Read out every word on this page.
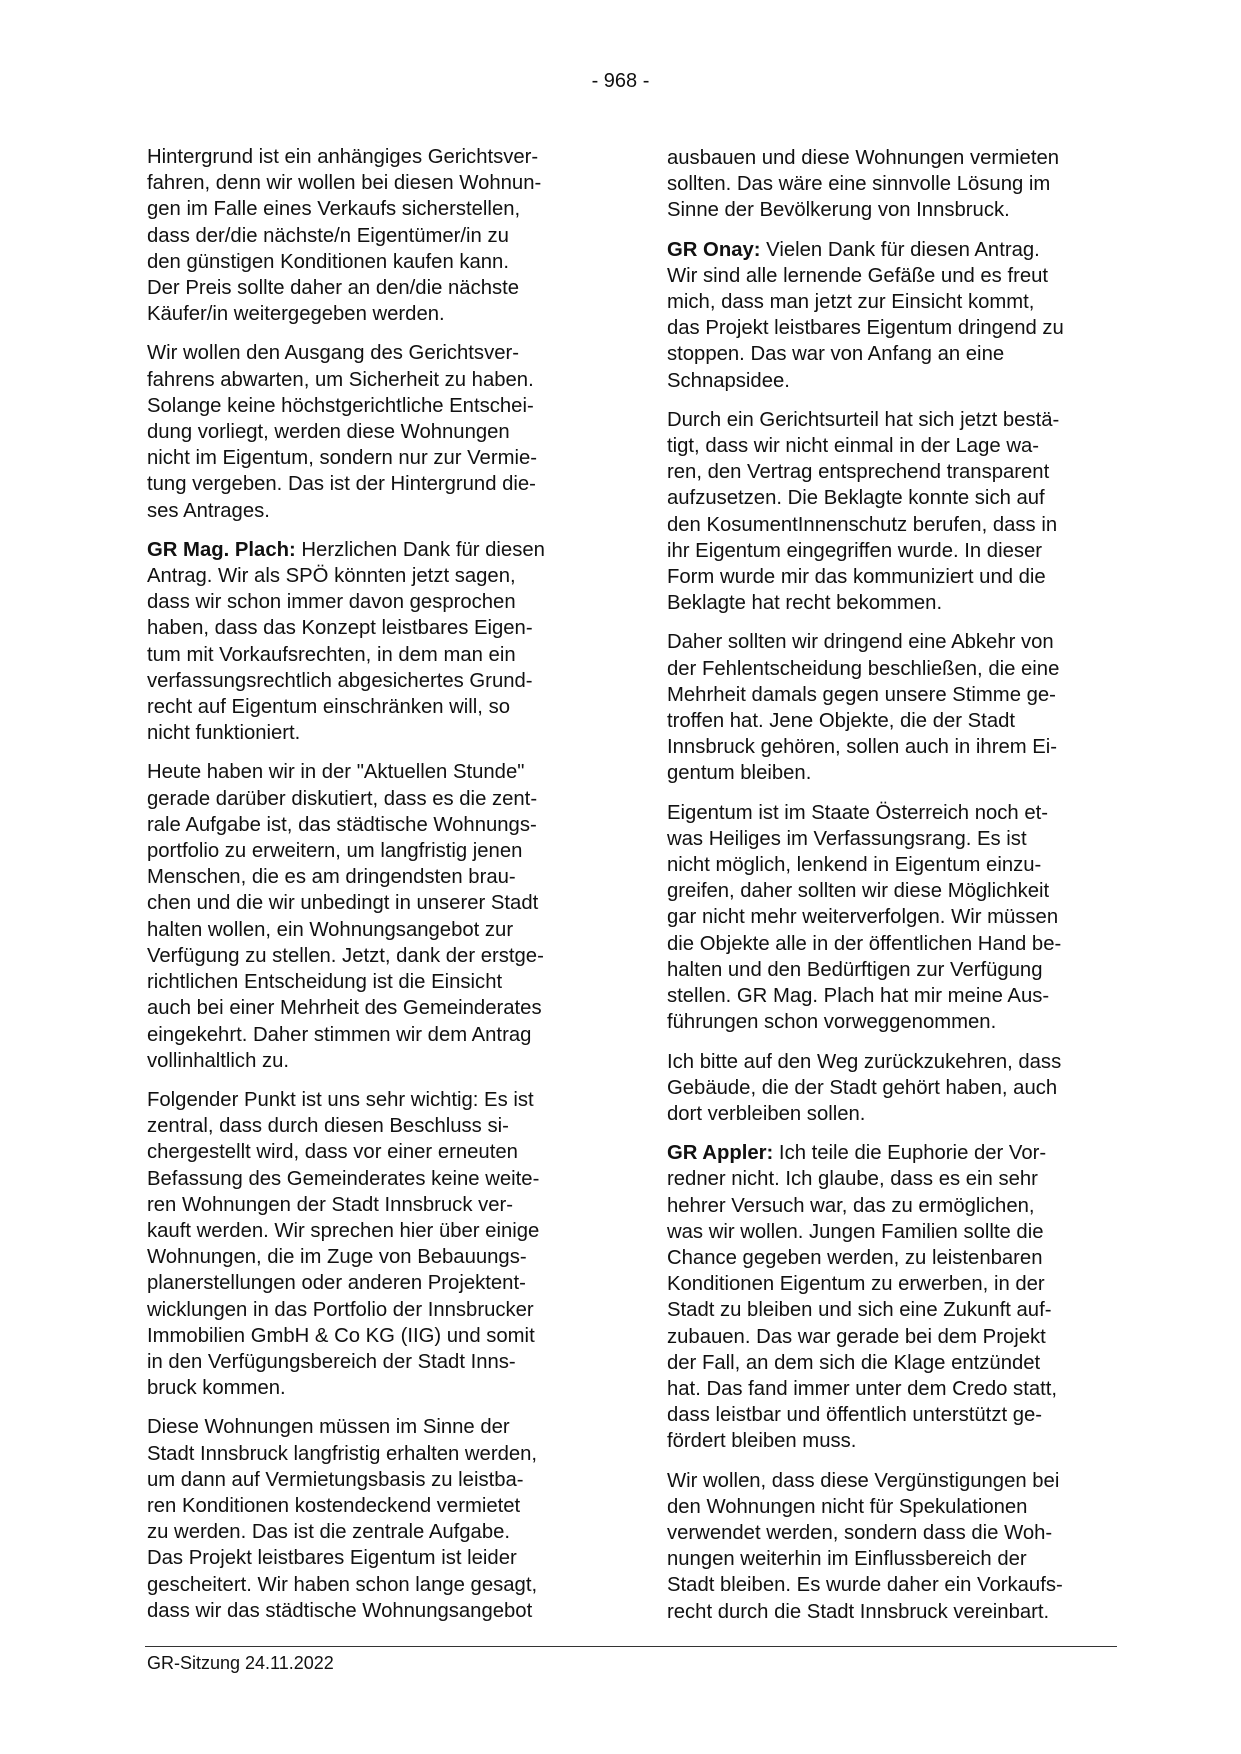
- 968 -

Hintergrund ist ein anhängiges Gerichtsver-
fahren, denn wir wollen bei diesen Wohnun-
gen im Falle eines Verkaufs sicherstellen,
dass der/die nächste/n Eigentümer/in zu
den günstigen Konditionen kaufen kann.
Der Preis sollte daher an den/die nächste
Käufer/in weitergegeben werden.

Wir wollen den Ausgang des Gerichtsver-
fahrens abwarten, um Sicherheit zu haben.
Solange keine höchstgerichtliche Entschei-
dung vorliegt, werden diese Wohnungen
nicht im Eigentum, sondern nur zur Vermie-
tung vergeben. Das ist der Hintergrund die-
ses Antrages.

GR Mag. Plach: Herzlichen Dank für diesen
Antrag. Wir als SPÖ könnten jetzt sagen,
dass wir schon immer davon gesprochen
haben, dass das Konzept leistbares Eigen-
tum mit Vorkaufsrechten, in dem man ein
verfassungsrechtlich abgesichertes Grund-
recht auf Eigentum einschränken will, so
nicht funktioniert.

Heute haben wir in der "Aktuellen Stunde"
gerade darüber diskutiert, dass es die zent-
rale Aufgabe ist, das städtische Wohnungs-
portfolio zu erweitern, um langfristig jenen
Menschen, die es am dringendsten brau-
chen und die wir unbedingt in unserer Stadt
halten wollen, ein Wohnungsangebot zur
Verfügung zu stellen. Jetzt, dank der erstge-
richtlichen Entscheidung ist die Einsicht
auch bei einer Mehrheit des Gemeinderates
eingekehrt. Daher stimmen wir dem Antrag
vollinhaltlich zu.

Folgender Punkt ist uns sehr wichtig: Es ist
zentral, dass durch diesen Beschluss si-
chergestellt wird, dass vor einer erneuten
Befassung des Gemeinderates keine weite-
ren Wohnungen der Stadt Innsbruck ver-
kauft werden. Wir sprechen hier über einige
Wohnungen, die im Zuge von Bebauungs-
planerstellungen oder anderen Projektent-
wicklungen in das Portfolio der Innsbrucker
Immobilien GmbH & Co KG (IIG) und somit
in den Verfügungsbereich der Stadt Inns-
bruck kommen.

Diese Wohnungen müssen im Sinne der
Stadt Innsbruck langfristig erhalten werden,
um dann auf Vermietungsbasis zu leistba-
ren Konditionen kostendeckend vermietet
zu werden. Das ist die zentrale Aufgabe.
Das Projekt leistbares Eigentum ist leider
gescheitert. Wir haben schon lange gesagt,
dass wir das städtische Wohnungsangebot

ausbauen und diese Wohnungen vermieten
sollten. Das wäre eine sinnvolle Lösung im
Sinne der Bevölkerung von Innsbruck.

GR Onay: Vielen Dank für diesen Antrag.
Wir sind alle lernende Gefäße und es freut
mich, dass man jetzt zur Einsicht kommt,
das Projekt leistbares Eigentum dringend zu
stoppen. Das war von Anfang an eine
Schnapsidee.

Durch ein Gerichtsurteil hat sich jetzt bestä-
tigt, dass wir nicht einmal in der Lage wa-
ren, den Vertrag entsprechend transparent
aufzusetzen. Die Beklagte konnte sich auf
den KosumentInnenschutz berufen, dass in
ihr Eigentum eingegriffen wurde. In dieser
Form wurde mir das kommuniziert und die
Beklagte hat recht bekommen.

Daher sollten wir dringend eine Abkehr von
der Fehlentscheidung beschließen, die eine
Mehrheit damals gegen unsere Stimme ge-
troffen hat. Jene Objekte, die der Stadt
Innsbruck gehören, sollen auch in ihrem Ei-
gentum bleiben.

Eigentum ist im Staate Österreich noch et-
was Heiliges im Verfassungsrang. Es ist
nicht möglich, lenkend in Eigentum einzu-
greifen, daher sollten wir diese Möglichkeit
gar nicht mehr weiterverfolgen. Wir müssen
die Objekte alle in der öffentlichen Hand be-
halten und den Bedürftigen zur Verfügung
stellen. GR Mag. Plach hat mir meine Aus-
führungen schon vorweggenommen.

Ich bitte auf den Weg zurückzukehren, dass
Gebäude, die der Stadt gehört haben, auch
dort verbleiben sollen.

GR Appler: Ich teile die Euphorie der Vor-
redner nicht. Ich glaube, dass es ein sehr
hehrer Versuch war, das zu ermöglichen,
was wir wollen. Jungen Familien sollte die
Chance gegeben werden, zu leistenbaren
Konditionen Eigentum zu erwerben, in der
Stadt zu bleiben und sich eine Zukunft auf-
zubauen. Das war gerade bei dem Projekt
der Fall, an dem sich die Klage entzündet
hat. Das fand immer unter dem Credo statt,
dass leistbar und öffentlich unterstützt ge-
fördert bleiben muss.

Wir wollen, dass diese Vergünstigungen bei
den Wohnungen nicht für Spekulationen
verwendet werden, sondern dass die Woh-
nungen weiterhin im Einflussbereich der
Stadt bleiben. Es wurde daher ein Vorkaufs-
recht durch die Stadt Innsbruck vereinbart.

GR-Sitzung 24.11.2022
